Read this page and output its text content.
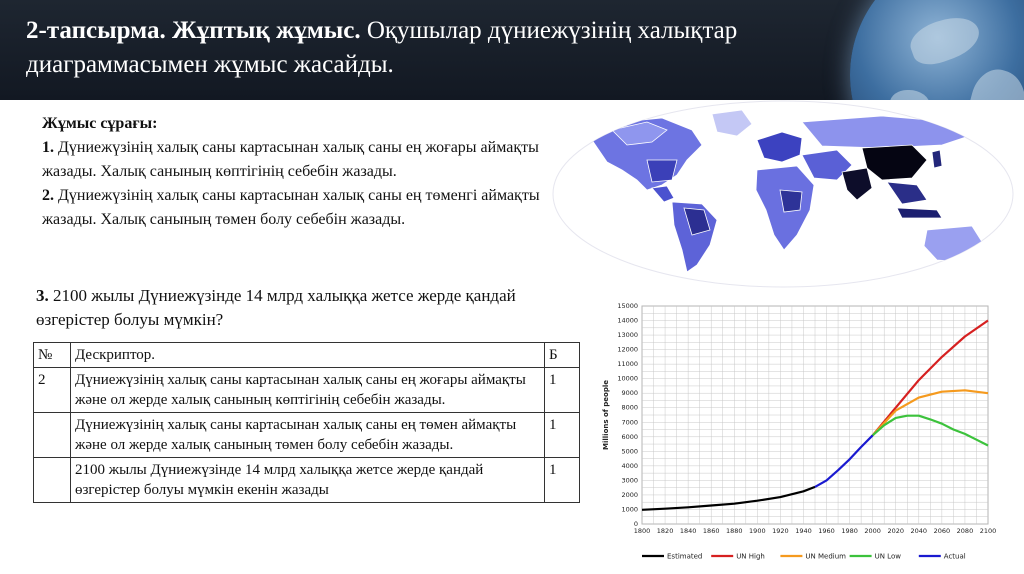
2-тапсырма. Жұптық жұмыс. Оқушылар дүниежүзінің халықтар диаграммасымен жұмыс жасайды.

Жұмыс сұрағы:

1. Дүниежүзінің халық саны картасынан халық саны ең жоғары аймақты жазады. Халық санының көптігінің себебін жазады.

2. Дүниежүзінің халық саны картасынан халық саны ең төменгі аймақты жазады. Халық санының төмен болу себебін жазады.

3. 2100 жылы Дүниежүзінде 14 млрд халыққа жетсе жерде қандай өзгерістер болуы мүмкін?
№	Дескриптор.	Б
2	Дүниежүзінің халық саны картасынан халық саны ең жоғары аймақты және ол жерде халық санының көптігінің себебін жазады.	1
	Дүниежүзінің халық саны картасынан халық саны ең төмен аймақты және ол жерде халық санының төмен болу себебін жазады.	1
	2100 жылы Дүниежүзінде 14 млрд халыққа жетсе жерде қандай өзгерістер болуы мүмкін екенін жазады	1
0
1000
2000
3000
4000
5000
6000
7000
8000
9000
10000
11000
12000
13000
14000
15000
1800 1820 1840 1860 1880 1900 1920 1940 1960 1980 2000 2020 2040 2060 2080 2100
Millions of people
Estimated	UN High	UN Medium	UN Low	Actual
